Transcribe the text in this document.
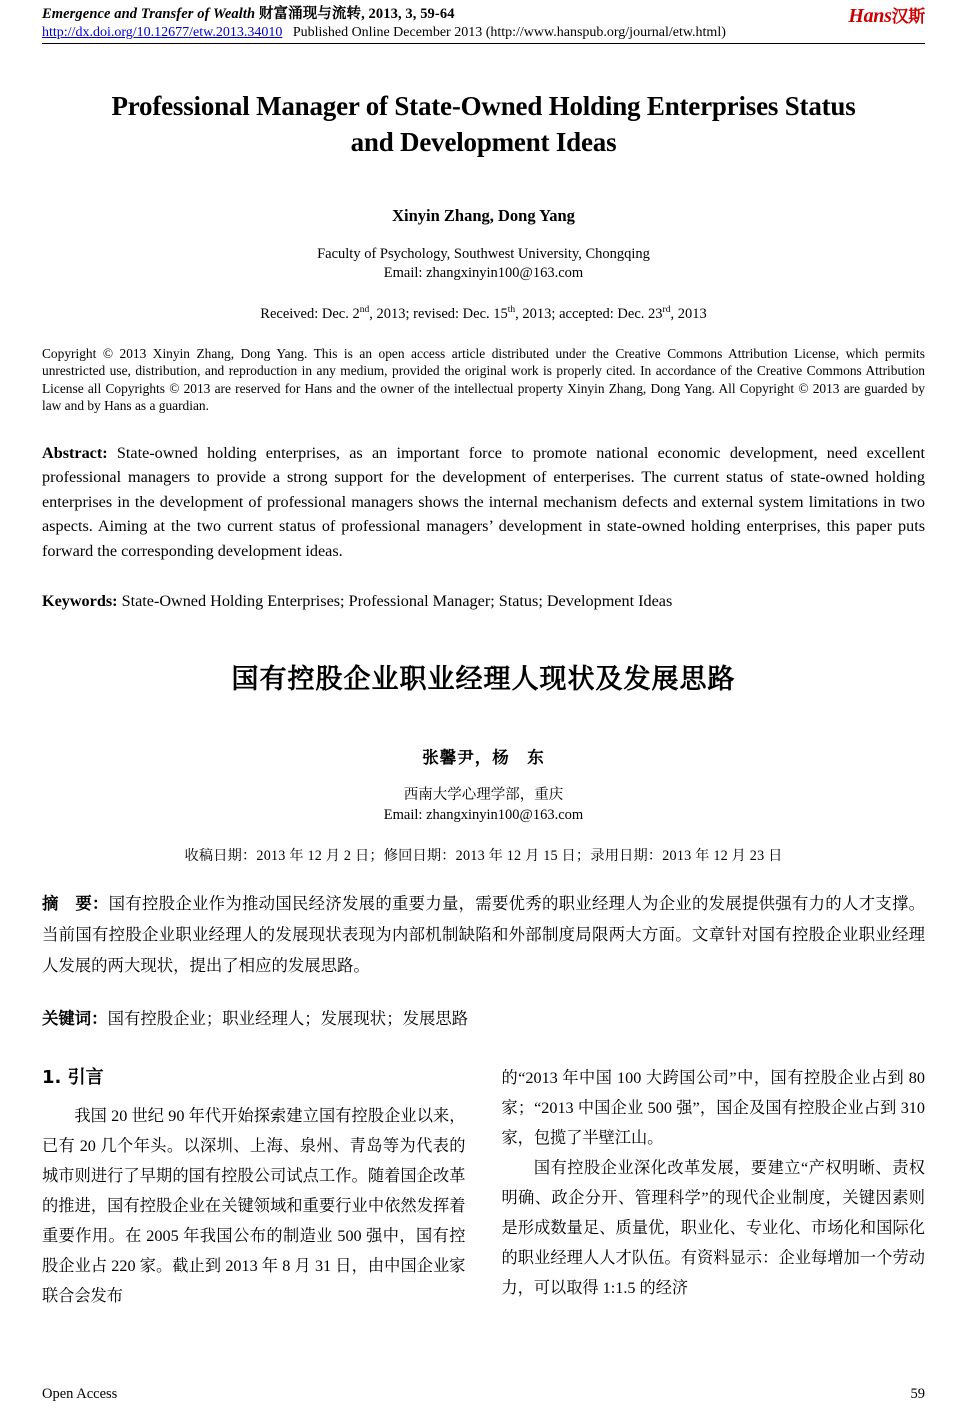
Hans汉斯
Emergence and Transfer of Wealth 财富涌现与流转, 2013, 3, 59-64
http://dx.doi.org/10.12677/etw.2013.34010 Published Online December 2013 (http://www.hanspub.org/journal/etw.html)
Professional Manager of State-Owned Holding Enterprises Status and Development Ideas
Xinyin Zhang, Dong Yang
Faculty of Psychology, Southwest University, Chongqing
Email: zhangxinyin100@163.com
Received: Dec. 2nd, 2013; revised: Dec. 15th, 2013; accepted: Dec. 23rd, 2013
Copyright © 2013 Xinyin Zhang, Dong Yang. This is an open access article distributed under the Creative Commons Attribution License, which permits unrestricted use, distribution, and reproduction in any medium, provided the original work is properly cited. In accordance of the Creative Commons Attribution License all Copyrights © 2013 are reserved for Hans and the owner of the intellectual property Xinyin Zhang, Dong Yang. All Copyright © 2013 are guarded by law and by Hans as a guardian.
Abstract: State-owned holding enterprises, as an important force to promote national economic development, need excellent professional managers to provide a strong support for the development of enterperises. The current status of state-owned holding enterprises in the development of professional managers shows the internal mechanism defects and external system limitations in two aspects. Aiming at the two current status of professional managers’ development in state-owned holding enterprises, this paper puts forward the corresponding development ideas.
Keywords: State-Owned Holding Enterprises; Professional Manager; Status; Development Ideas
国有控股企业职业经理人现状及发展思路
张馨尹，杨　东
西南大学心理学部，重庆
Email: zhangxinyin100@163.com
收稿日期：2013 年 12 月 2 日；修回日期：2013 年 12 月 15 日；录用日期：2013 年 12 月 23 日
摘　要：国有控股企业作为推动国民经济发展的重要力量，需要优秀的职业经理人为企业的发展提供强有力的人才支撑。当前国有控股企业职业经理人的发展现状表现为内部机制缺陷和外部制度局限两大方面。文章针对国有控股企业职业经理人发展的两大现状，提出了相应的发展思路。
关键词：国有控股企业；职业经理人；发展现状；发展思路
1. 引言

我国 20 世纪 90 年代开始探索建立国有控股企业以来，已有 20 几个年头。以深圳、上海、泉州、青岛等为代表的城市则进行了早期的国有控股公司试点工作。随着国企改革的推进，国有控股企业在关键领域和重要行业中依然发挥着重要作用。在 2005 年我国公布的制造业 500 强中，国有控股企业占 220 家。截止到 2013 年 8 月 31 日，由中国企业家联合会发布

的“2013 年中国 100 大跨国公司”中，国有控股企业占到 80 家；“2013 中国企业 500 强”，国企及国有控股企业占到 310 家，包揽了半壁江山。

国有控股企业深化改革发展，要建立“产权明晰、责权明确、政企分开、管理科学”的现代企业制度，关键因素则是形成数量足、质量优，职业化、专业化、市场化和国际化的职业经理人人才队伍。有资料显示：企业每增加一个劳动力，可以取得 1:1.5 的经济

Open Access	59
